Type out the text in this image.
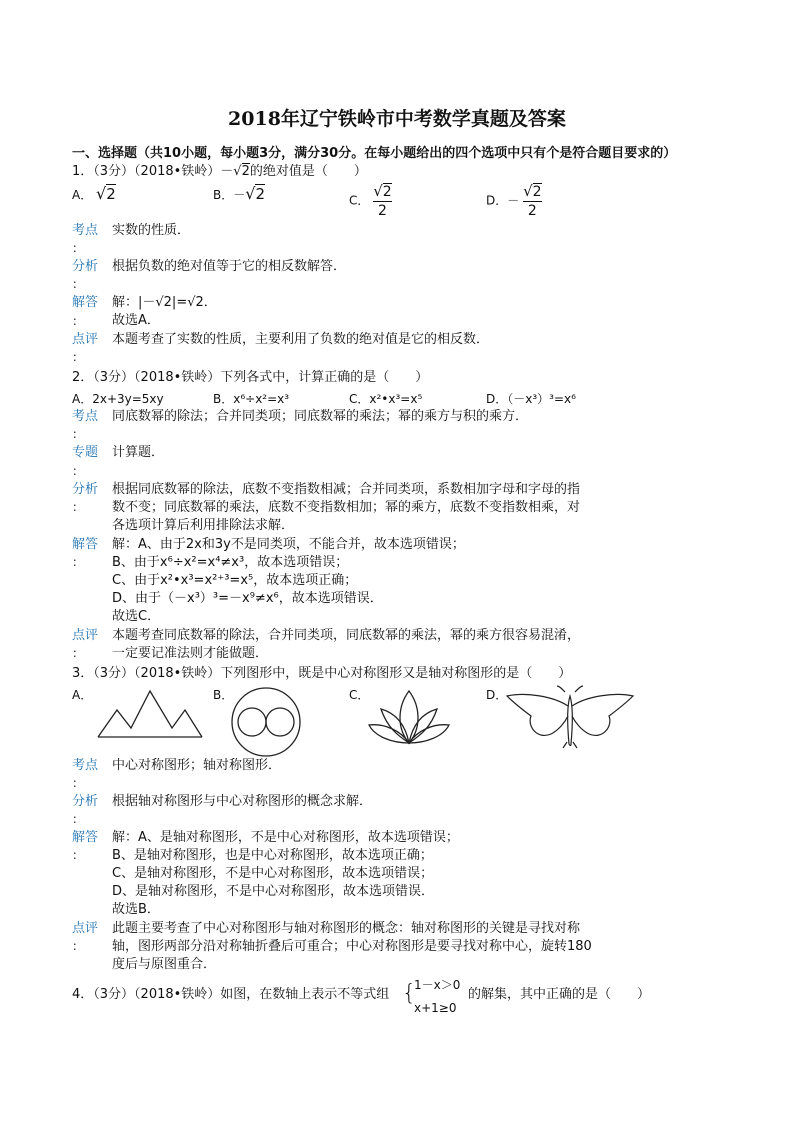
2018年辽宁铁岭市中考数学真题及答案
一、选择题（共10小题，每小题3分，满分30分。在每小题给出的四个选项中只有个是符合题目要求的）
1．（3分）（2018•铁岭）－√2的绝对值是（　　）
A． √2	B．－√2	C． $\frac{√2}{2}$	D．－ $\frac{√2}{2}$
考点
：
实数的性质．
分析
：
根据负数的绝对值等于它的相反数解答．
解答
：
解：|－√2|=√2．
故选A．
点评
：
本题考查了实数的性质，主要利用了负数的绝对值是它的相反数．
2．（3分）（2018•铁岭）下列各式中，计算正确的是（　　）
A．2x+3y=5xy	B．x⁶÷x²=x³	C．x²•x³=x⁵	D．（－x³）³=x⁶
考点
：
同底数幂的除法；合并同类项；同底数幂的乘法；幂的乘方与积的乘方．
专题
：
计算题．
分析
：
根据同底数幂的除法，底数不变指数相减；合并同类项，系数相加字母和字母的指
数不变；同底数幂的乘法，底数不变指数相加；幂的乘方，底数不变指数相乘，对
各选项计算后利用排除法求解．
解答
：
解：A、由于2x和3y不是同类项，不能合并，故本选项错误；
B、由于x⁶÷x²=x⁴≠x³，故本选项错误；
C、由于x²•x³=x²⁺³=x⁵，故本选项正确；
D、由于（－x³）³=－x⁹≠x⁶，故本选项错误．
故选C．
点评
：
本题考查同底数幂的除法，合并同类项，同底数幂的乘法，幂的乘方很容易混淆，
一定要记准法则才能做题．
3．（3分）（2018•铁岭）下列图形中，既是中心对称图形又是轴对称图形的是（　　）
A．	B．	C．	D．
考点
：
中心对称图形；轴对称图形．
分析
：
根据轴对称图形与中心对称图形的概念求解．
解答
：
解：A、是轴对称图形，不是中心对称图形，故本选项错误；
B、是轴对称图形，也是中心对称图形，故本选项正确；
C、是轴对称图形，不是中心对称图形，故本选项错误；
D、是轴对称图形，不是中心对称图形，故本选项错误．
故选B．
点评
：
此题主要考查了中心对称图形与轴对称图形的概念：轴对称图形的关键是寻找对称
轴，图形两部分沿对称轴折叠后可重合；中心对称图形是要寻找对称中心，旋转180
度后与原图重合．
4．（3分）（2018•铁岭）如图，在数轴上表示不等式组 {
1－x＞0
x+1≥0
的解集，其中正确的是（　　）
